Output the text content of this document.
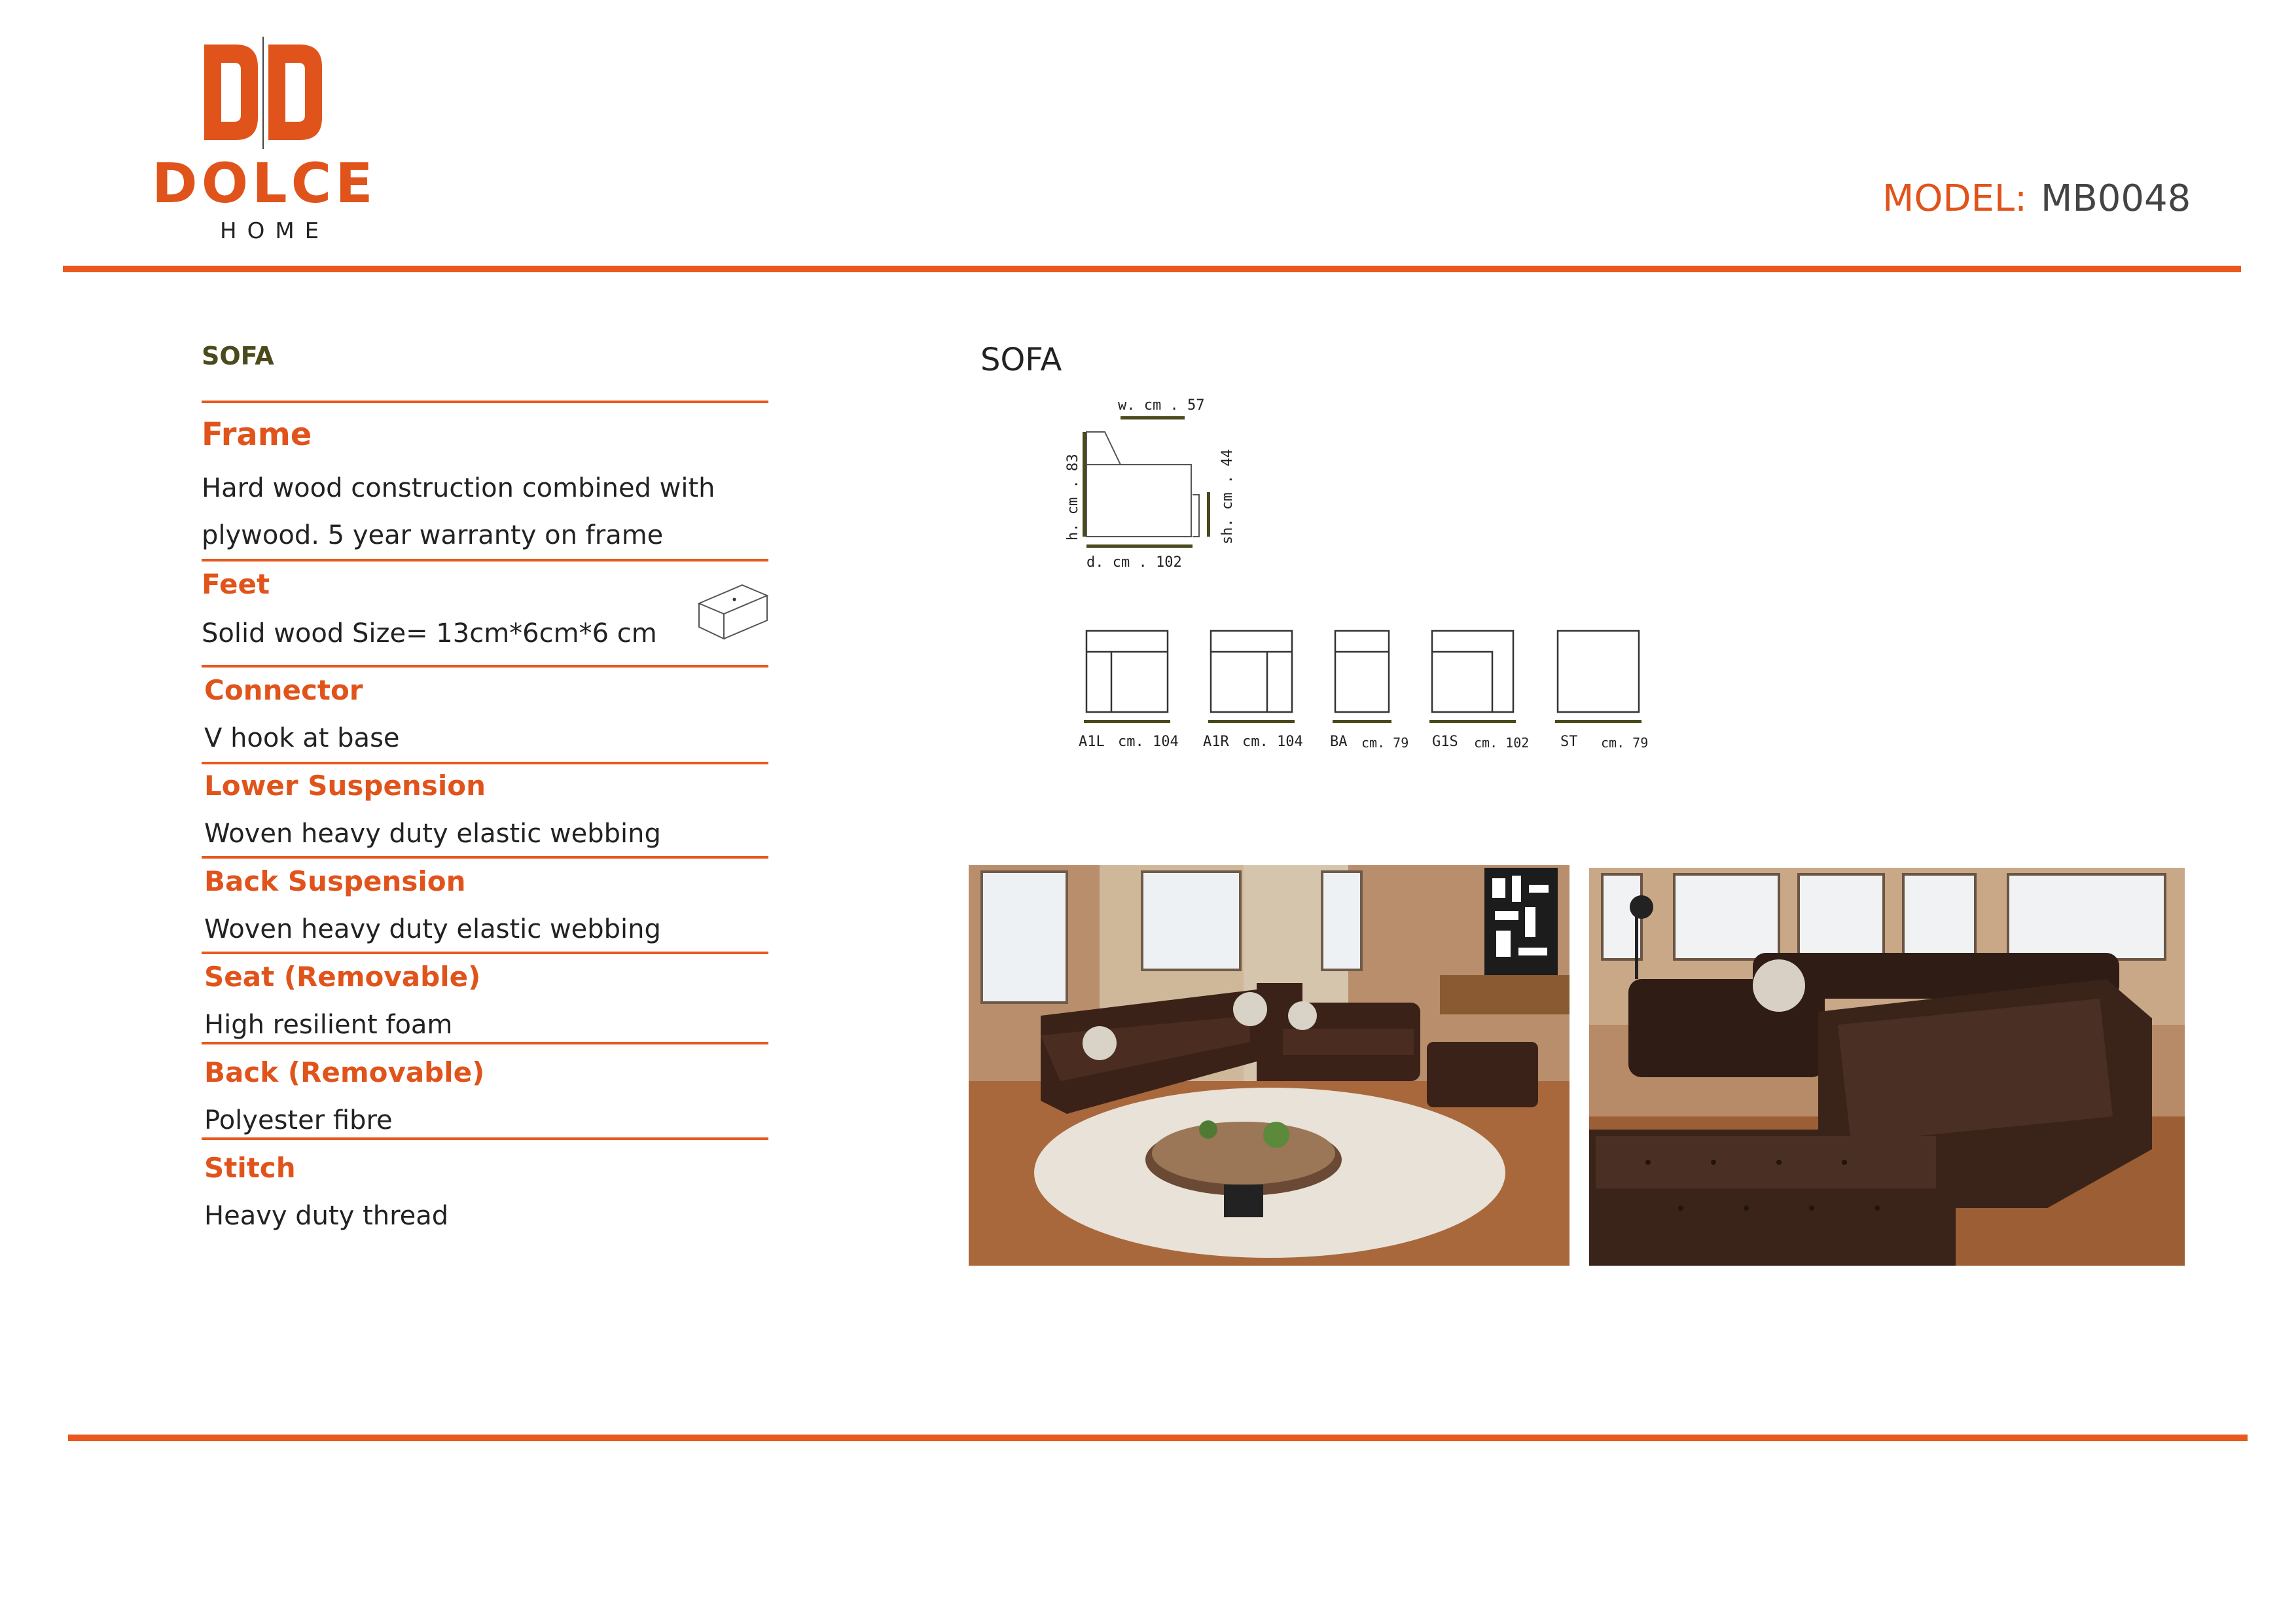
DOLCE
HOME
MODEL: MB0048
SOFA
Frame
Hard wood construction combined with
plywood. 5 year warranty on frame
Feet
Solid wood Size= 13cm*6cm*6 cm
Connector
V hook at base
Lower Suspension
Woven heavy duty elastic webbing
Back Suspension
Woven heavy duty elastic webbing
Seat (Removable)
High resilient foam
Back (Removable)
Polyester fibre
Stitch
Heavy duty thread
SOFA
w. cm . 57
h. cm . 83
d. cm . 102
sh. cm . 44
A1L cm. 104 A1R cm. 104 BA cm. 79 G1S cm. 102 ST cm. 79
